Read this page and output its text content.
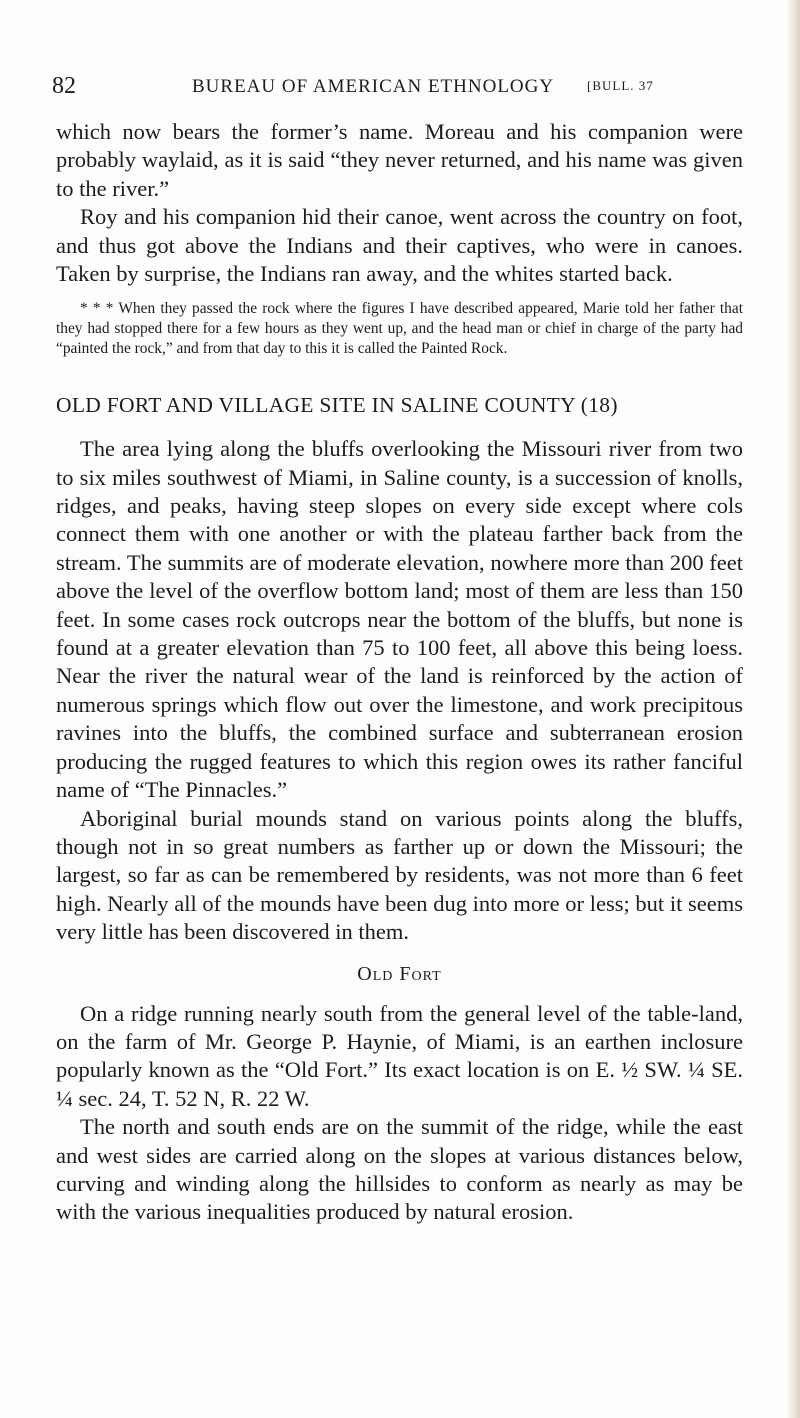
82	BUREAU OF AMERICAN ETHNOLOGY	[BULL. 37

which now bears the former’s name. Moreau and his companion were probably waylaid, as it is said “they never returned, and his name was given to the river.”

Roy and his companion hid their canoe, went across the country on foot, and thus got above the Indians and their captives, who were in canoes. Taken by surprise, the Indians ran away, and the whites started back.

* * * When they passed the rock where the figures I have described appeared, Marie told her father that they had stopped there for a few hours as they went up, and the head man or chief in charge of the party had “painted the rock,” and from that day to this it is called the Painted Rock.

OLD FORT AND VILLAGE SITE IN SALINE COUNTY (18)

The area lying along the bluffs overlooking the Missouri river from two to six miles southwest of Miami, in Saline county, is a succession of knolls, ridges, and peaks, having steep slopes on every side except where cols connect them with one another or with the plateau farther back from the stream. The summits are of moderate elevation, nowhere more than 200 feet above the level of the overflow bottom land; most of them are less than 150 feet. In some cases rock outcrops near the bottom of the bluffs, but none is found at a greater elevation than 75 to 100 feet, all above this being loess. Near the river the natural wear of the land is reinforced by the action of numerous springs which flow out over the limestone, and work precipitous ravines into the bluffs, the combined surface and subterranean erosion producing the rugged features to which this region owes its rather fanciful name of “The Pinnacles.”

Aboriginal burial mounds stand on various points along the bluffs, though not in so great numbers as farther up or down the Missouri; the largest, so far as can be remembered by residents, was not more than 6 feet high. Nearly all of the mounds have been dug into more or less; but it seems very little has been discovered in them.

Old Fort

On a ridge running nearly south from the general level of the table-land, on the farm of Mr. George P. Haynie, of Miami, is an earthen inclosure popularly known as the “Old Fort.” Its exact location is on E. ½ SW. ¼ SE. ¼ sec. 24, T. 52 N, R. 22 W.

The north and south ends are on the summit of the ridge, while the east and west sides are carried along on the slopes at various distances below, curving and winding along the hillsides to conform as nearly as may be with the various inequalities produced by natural erosion.
